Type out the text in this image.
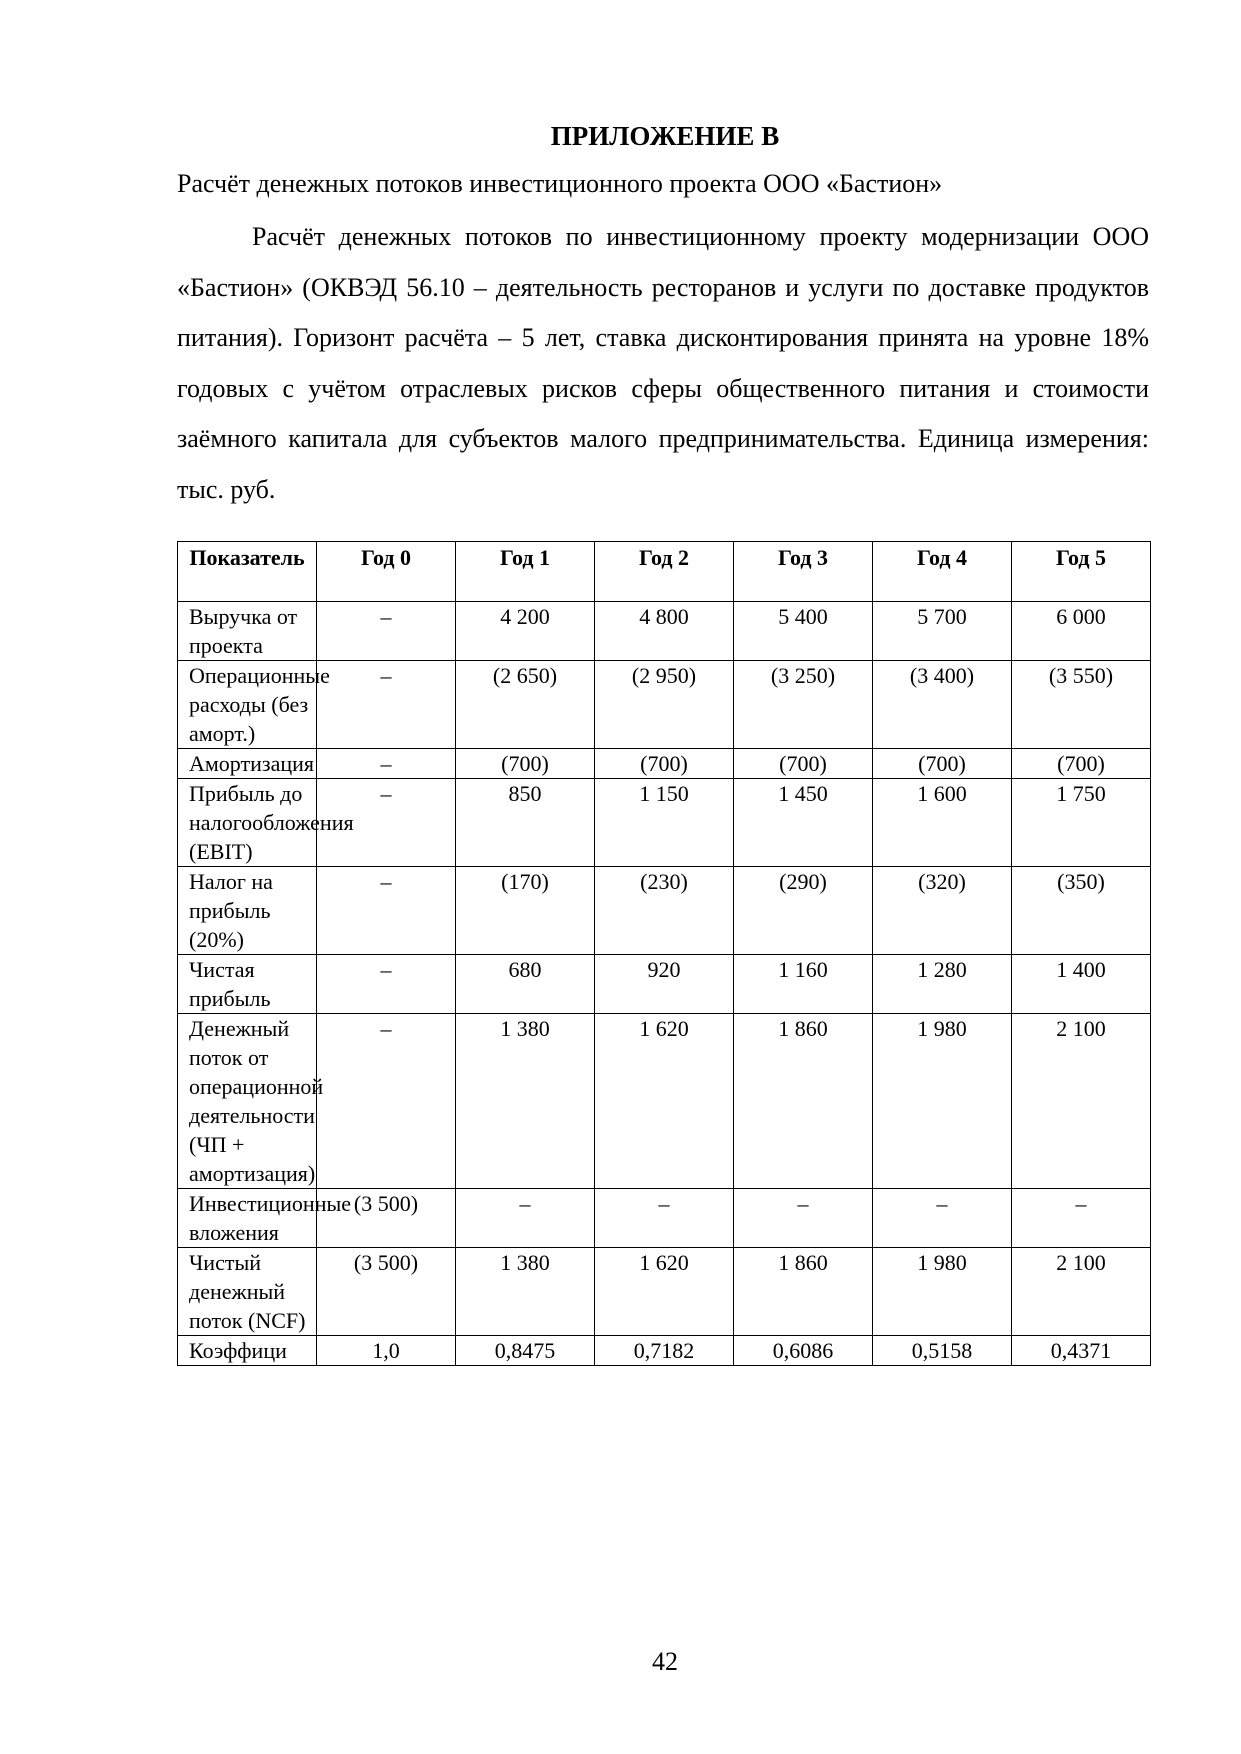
ПРИЛОЖЕНИЕ В
Расчёт денежных потоков инвестиционного проекта ООО «Бастион»

Расчёт денежных потоков по инвестиционному проекту модернизации ООО «Бастион» (ОКВЭД 56.10 – деятельность ресторанов и услуги по доставке продуктов питания). Горизонт расчёта – 5 лет, ставка дисконтирования принята на уровне 18% годовых с учётом отраслевых рисков сферы общественного питания и стоимости заёмного капитала для субъектов малого предпринимательства. Единица измерения: тыс. руб.

Показатель	Год 0	Год 1	Год 2	Год 3	Год 4	Год 5
Выручка от проекта	–	4 200	4 800	5 400	5 700	6 000
Операционные расходы (без аморт.)	–	(2 650)	(2 950)	(3 250)	(3 400)	(3 550)
Амортизация	–	(700)	(700)	(700)	(700)	(700)
Прибыль до налогообложения (EBIT)	–	850	1 150	1 450	1 600	1 750
Налог на прибыль (20%)	–	(170)	(230)	(290)	(320)	(350)
Чистая прибыль	–	680	920	1 160	1 280	1 400
Денежный поток от операционной деятельности (ЧП + амортизация)	–	1 380	1 620	1 860	1 980	2 100
Инвестиционные вложения	(3 500)	–	–	–	–	–
Чистый денежный поток (NCF)	(3 500)	1 380	1 620	1 860	1 980	2 100
Коэффици	1,0	0,8475	0,7182	0,6086	0,5158	0,4371
42
